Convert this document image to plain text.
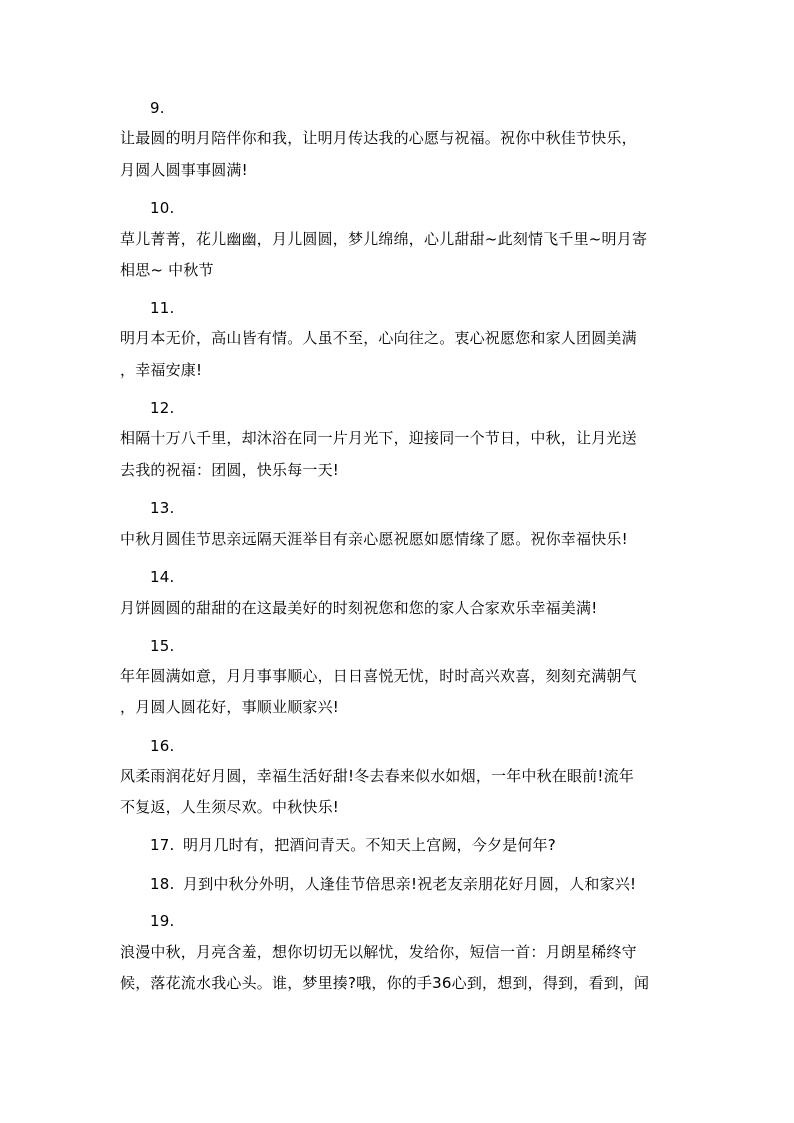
9.
让最圆的明月陪伴你和我，让明月传达我的心愿与祝福。祝你中秋佳节快乐，
月圆人圆事事圆满!
10.
草儿菁菁，花儿幽幽，月儿圆圆，梦儿绵绵，心儿甜甜~此刻情飞千里~明月寄
相思~ 中秋节
11.
明月本无价，高山皆有情。人虽不至，心向往之。衷心祝愿您和家人团圆美满
，幸福安康!
12.
相隔十万八千里，却沐浴在同一片月光下，迎接同一个节日，中秋，让月光送
去我的祝福：团圆，快乐每一天!
13.
中秋月圆佳节思亲远隔天涯举目有亲心愿祝愿如愿情缘了愿。祝你幸福快乐!
14.
月饼圆圆的甜甜的在这最美好的时刻祝您和您的家人合家欢乐幸福美满!
15.
年年圆满如意，月月事事顺心，日日喜悦无忧，时时高兴欢喜，刻刻充满朝气
，月圆人圆花好，事顺业顺家兴!
16.
风柔雨润花好月圆，幸福生活好甜!冬去春来似水如烟，一年中秋在眼前!流年
不复返，人生须尽欢。中秋快乐!
17. 明月几时有，把酒问青天。不知天上宫阙，今夕是何年?
18. 月到中秋分外明，人逢佳节倍思亲!祝老友亲朋花好月圆，人和家兴!
19.
浪漫中秋，月亮含羞，想你切切无以解忧，发给你，短信一首：月朗星稀终守
候，落花流水我心头。谁，梦里揍?哦，你的手36心到，想到，得到，看到，闻
